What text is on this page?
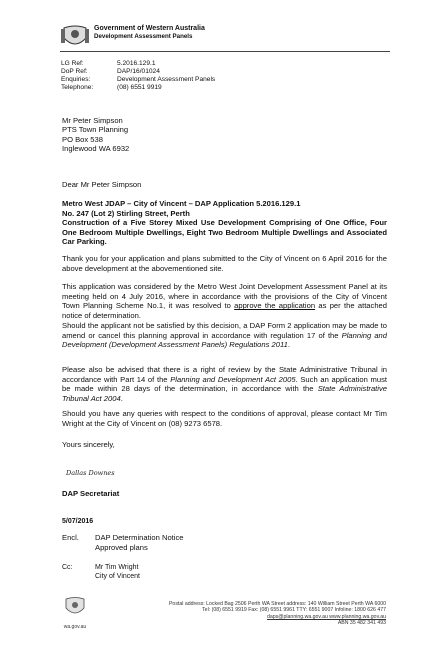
Government of Western Australia
Development Assessment Panels
LG Ref:	5.2016.129.1
DoP Ref:	DAP/16/01024
Enquiries:	Development Assessment Panels
Telephone:	(08) 6551 9919
Mr Peter Simpson
PTS Town Planning
PO Box 538
Inglewood WA 6932
Dear Mr Peter Simpson
Metro West JDAP – City of Vincent – DAP Application 5.2016.129.1
No. 247 (Lot 2) Stirling Street, Perth
Construction of a Five Storey Mixed Use Development Comprising of One Office, Four One Bedroom Multiple Dwellings, Eight Two Bedroom Multiple Dwellings and Associated Car Parking.
Thank you for your application and plans submitted to the City of Vincent on 6 April 2016 for the above development at the abovementioned site.
This application was considered by the Metro West Joint Development Assessment Panel at its meeting held on 4 July 2016, where in accordance with the provisions of the City of Vincent Town Planning Scheme No.1, it was resolved to approve the application as per the attached notice of determination.
Should the applicant not be satisfied by this decision, a DAP Form 2 application may be made to amend or cancel this planning approval in accordance with regulation 17 of the Planning and Development (Development Assessment Panels) Regulations 2011.
Please also be advised that there is a right of review by the State Administrative Tribunal in accordance with Part 14 of the Planning and Development Act 2005. Such an application must be made within 28 days of the determination, in accordance with the State Administrative Tribunal Act 2004.
Should you have any queries with respect to the conditions of approval, please contact Mr Tim Wright at the City of Vincent on (08) 9273 6578.
Yours sincerely,
Dallas Downes
DAP Secretariat
5/07/2016
Encl. DAP Determination Notice
Approved plans
Cc:	Mr Tim Wright
City of Vincent
wa.gov.au
Postal address: Locked Bag 2506 Perth WA Street address: 140 William Street Perth WA 6000
Tel: (08) 6551 9919 Fax: (08) 6551 9961 TTY: 6551 9007 Infoline: 1800 626 477
daps@planning.wa.gov.au www.planning.wa.gov.au
ABN 35 482 341 493
